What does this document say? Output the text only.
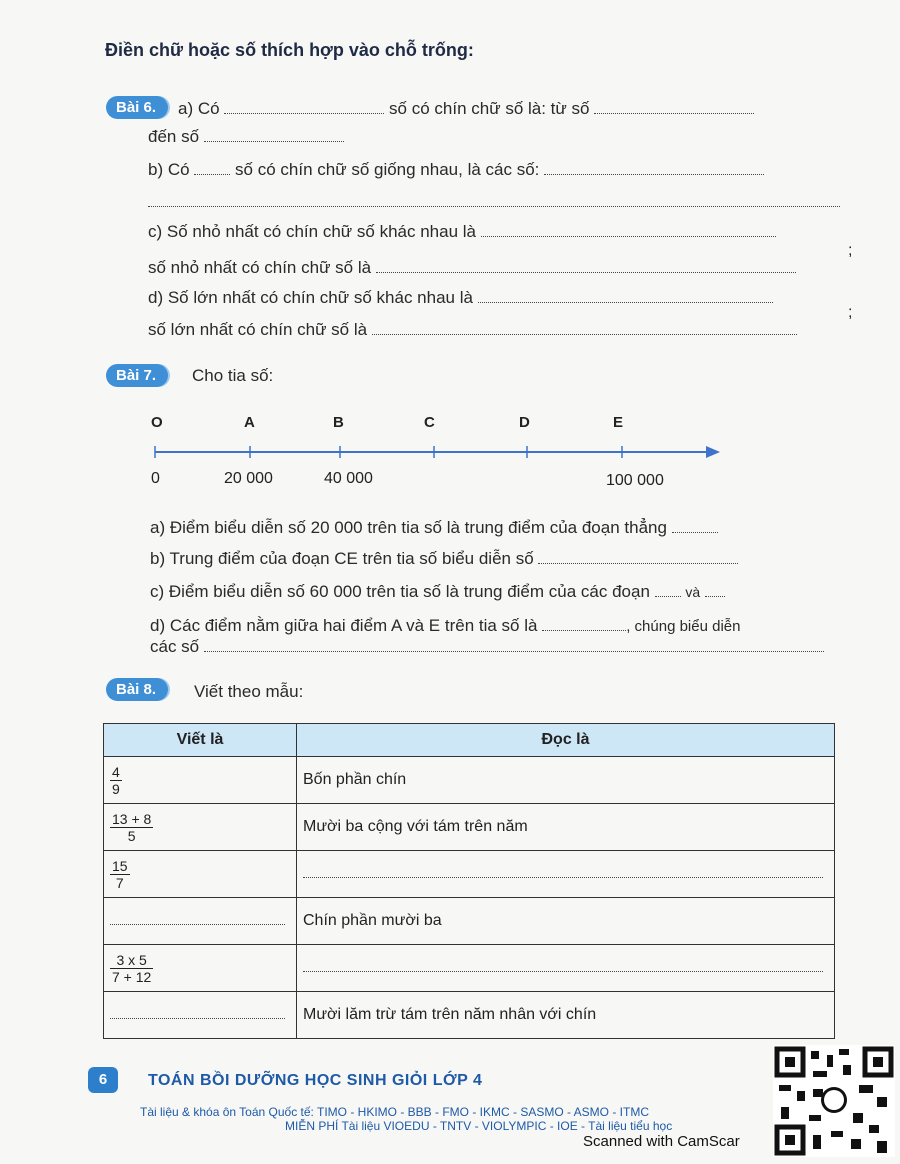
Điền chữ hoặc số thích hợp vào chỗ trống:
Bài 6.	a) Có	số có chín chữ số là: từ số
đến số
b) Có	số có chín chữ số giống nhau, là các số:
c) Số nhỏ nhất có chín chữ số khác nhau là
;
số nhỏ nhất có chín chữ số là
d) Số lớn nhất có chín chữ số khác nhau là
;
số lớn nhất có chín chữ số là
Bài 7.	Cho tia số:
O	A	B	C	D	E
0	20 000	40 000	100 000
a) Điểm biểu diễn số 20 000 trên tia số là trung điểm của đoạn thẳng
b) Trung điểm của đoạn CE trên tia số biểu diễn số
c) Điểm biểu diễn số 60 000 trên tia số là trung điểm của các đoạn	và
d) Các điểm nằm giữa hai điểm A và E trên tia số là	, chúng biểu diễn
các số
Bài 8.	Viết theo mẫu:
Viết là	Đọc là

$\frac{4}{9}$	Bốn phần chín

$\frac{13 + 8}{5}$	Mười ba cộng với tám trên năm

$\frac{15}{7}$

	Chín phần mười ba

$\frac{3 x 5}{7 + 12}$

	Mười lăm trừ tám trên năm nhân với chín
6	TOÁN BỒI DƯỠNG HỌC SINH GIỎI LỚP 4
Tài liệu & khóa ôn Toán Quốc tế: TIMO - HKIMO - BBB - FMO - IKMC - SASMO - ASMO - ITMC
MIỄN PHÍ Tài liệu VIOEDU - TNTV - VIOLYMPIC - IOE - Tài liệu tiểu học
Scanned with CamScar
